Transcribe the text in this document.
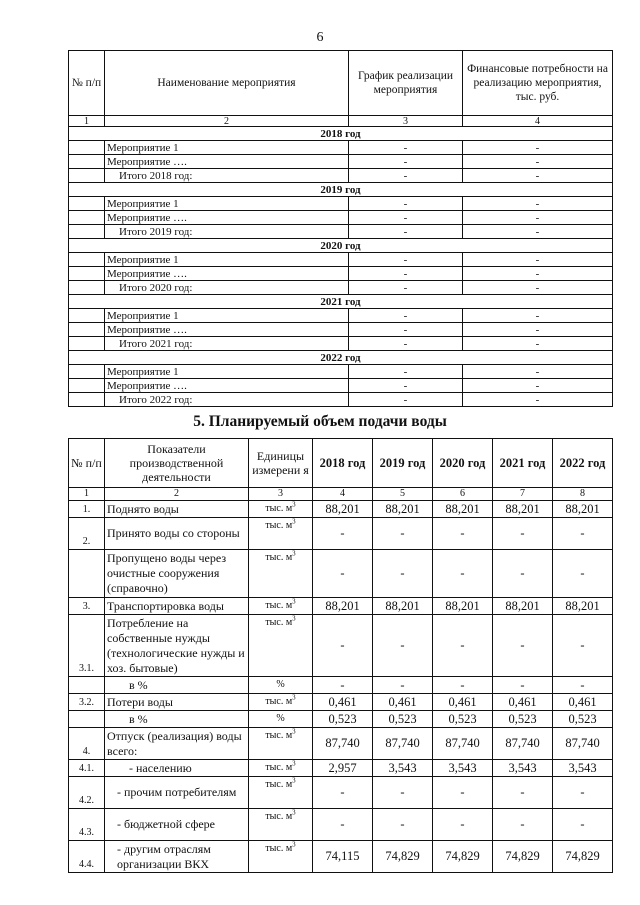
6
№ п/п	Наименование мероприятия	График реализации мероприятия	Финансовые потребности на реализацию мероприятия, тыс. руб.
1	2	3	4
2018 год			
	Мероприятие 1	-	-
	Мероприятие ….	-	-
	Итого 2018 год:	-	-
2019 год			
	Мероприятие 1	-	-
	Мероприятие ….	-	-
	Итого 2019 год:	-	-
2020 год			
	Мероприятие 1	-	-
	Мероприятие ….	-	-
	Итого 2020 год:	-	-
2021 год			
	Мероприятие 1	-	-
	Мероприятие ….	-	-
	Итого 2021 год:	-	-
2022 год			
	Мероприятие 1	-	-
	Мероприятие ….	-	-
	Итого 2022 год:	-	-
5. Планируемый объем подачи воды
№ п/п	Показатели производственной деятельности	Единицы измерени я	2018 год	2019 год	2020 год	2021 год	2022 год
1	2	3	4	5	6	7	8
1.	Поднято воды	тыс. $м^3$	88,201	88,201	88,201	88,201	88,201
2.	Принято воды со стороны	тыс. $м^3$	-	-	-	-	-
	Пропущено воды через очистные сооружения (справочно)	тыс. $м^3$	-	-	-	-	-
3.	Транспортировка воды	тыс. $м^3$	88,201	88,201	88,201	88,201	88,201
3.1.	Потребление на собственные нужды (технологические нужды и хоз. бытовые)	тыс. $м^3$	-	-	-	-	-
	в %	%	-	-	-	-	-
3.2.	Потери воды	тыс. $м^3$	0,461	0,461	0,461	0,461	0,461
	в %	%	0,523	0,523	0,523	0,523	0,523
4.	Отпуск (реализация) воды всего:	тыс. $м^3$	87,740	87,740	87,740	87,740	87,740
4.1.	- населению	тыс. $м^3$	2,957	3,543	3,543	3,543	3,543
4.2.	- прочим потребителям	тыс. $м^3$	-	-	-	-	-
4.3.	- бюджетной сфере	тыс. $м^3$	-	-	-	-	-
4.4.	- другим отраслям организации ВКХ	тыс. $м^3$	74,115	74,829	74,829	74,829	74,829
